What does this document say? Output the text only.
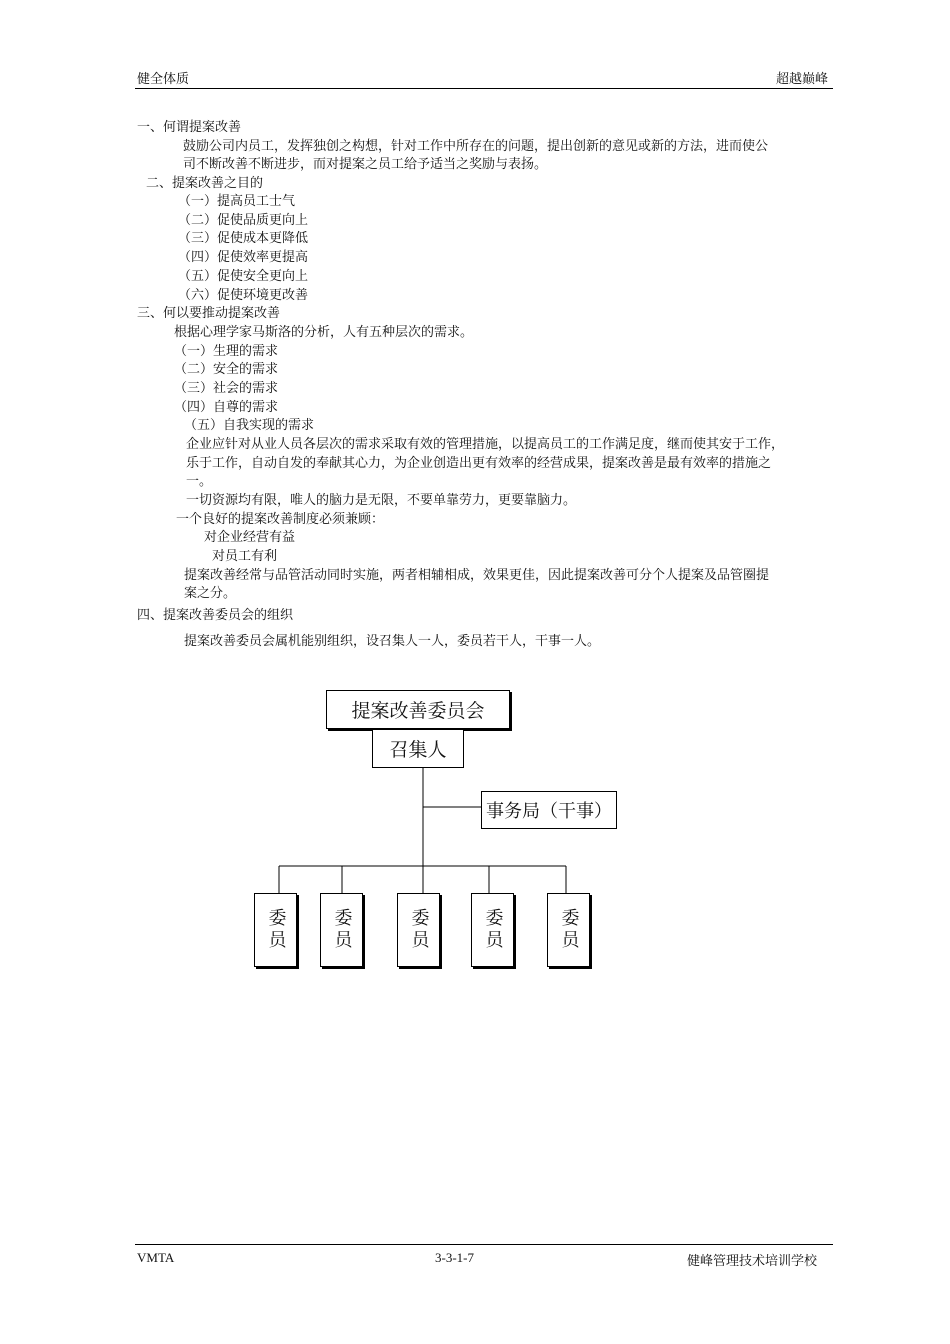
健全体质	超越巅峰
一、何谓提案改善
鼓励公司内员工，发挥独创之构想，针对工作中所存在的问题，提出创新的意见或新的方法，进而使公
司不断改善不断进步，而对提案之员工给予适当之奖励与表扬。
二、提案改善之目的
（一）提高员工士气
（二）促使品质更向上
（三）促使成本更降低
（四）促使效率更提高
（五）促使安全更向上
（六）促使环境更改善
三、何以要推动提案改善
根据心理学家马斯洛的分析，人有五种层次的需求。
（一）生理的需求
（二）安全的需求
（三）社会的需求
（四）自尊的需求
（五）自我实现的需求
企业应针对从业人员各层次的需求采取有效的管理措施，以提高员工的工作满足度，继而使其安于工作，
乐于工作，自动自发的奉献其心力，为企业创造出更有效率的经营成果，提案改善是最有效率的措施之
一。
一切资源均有限，唯人的脑力是无限，不要单靠劳力，更要靠脑力。
一个良好的提案改善制度必须兼顾：
对企业经营有益
对员工有利
提案改善经常与品管活动同时实施，两者相辅相成，效果更佳，因此提案改善可分个人提案及品管圈提
案之分。
四、提案改善委员会的组织
提案改善委员会属机能别组织，设召集人一人，委员若干人，干事一人。
提案改善委员会
召集人
事务局（干事）
委员	委员	委员	委员	委员
VMTA	3-3-1-7	健峰管理技术培训学校
